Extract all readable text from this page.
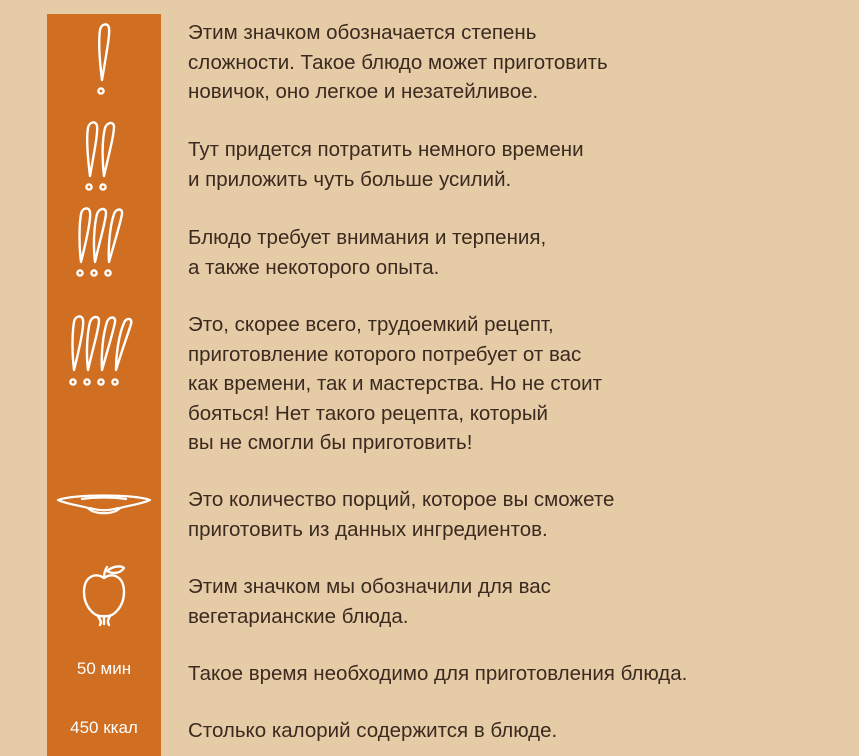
50 мин
450 ккал

Этим значком обозначается степень
сложности. Такое блюдо может приготовить
новичок, оно легкое и незатейливое.

Тут придется потратить немного времени
и приложить чуть больше усилий.

Блюдо требует внимания и терпения,
а также некоторого опыта.

Это, скорее всего, трудоемкий рецепт,
приготовление которого потребует от вас
как времени, так и мастерства. Но не стоит
бояться! Нет такого рецепта, который
вы не смогли бы приготовить!

Это количество порций, которое вы сможете
приготовить из данных ингредиентов.

Этим значком мы обозначили для вас
вегетарианские блюда.

Такое время необходимо для приготовления блюда.

Столько калорий содержится в блюде.
